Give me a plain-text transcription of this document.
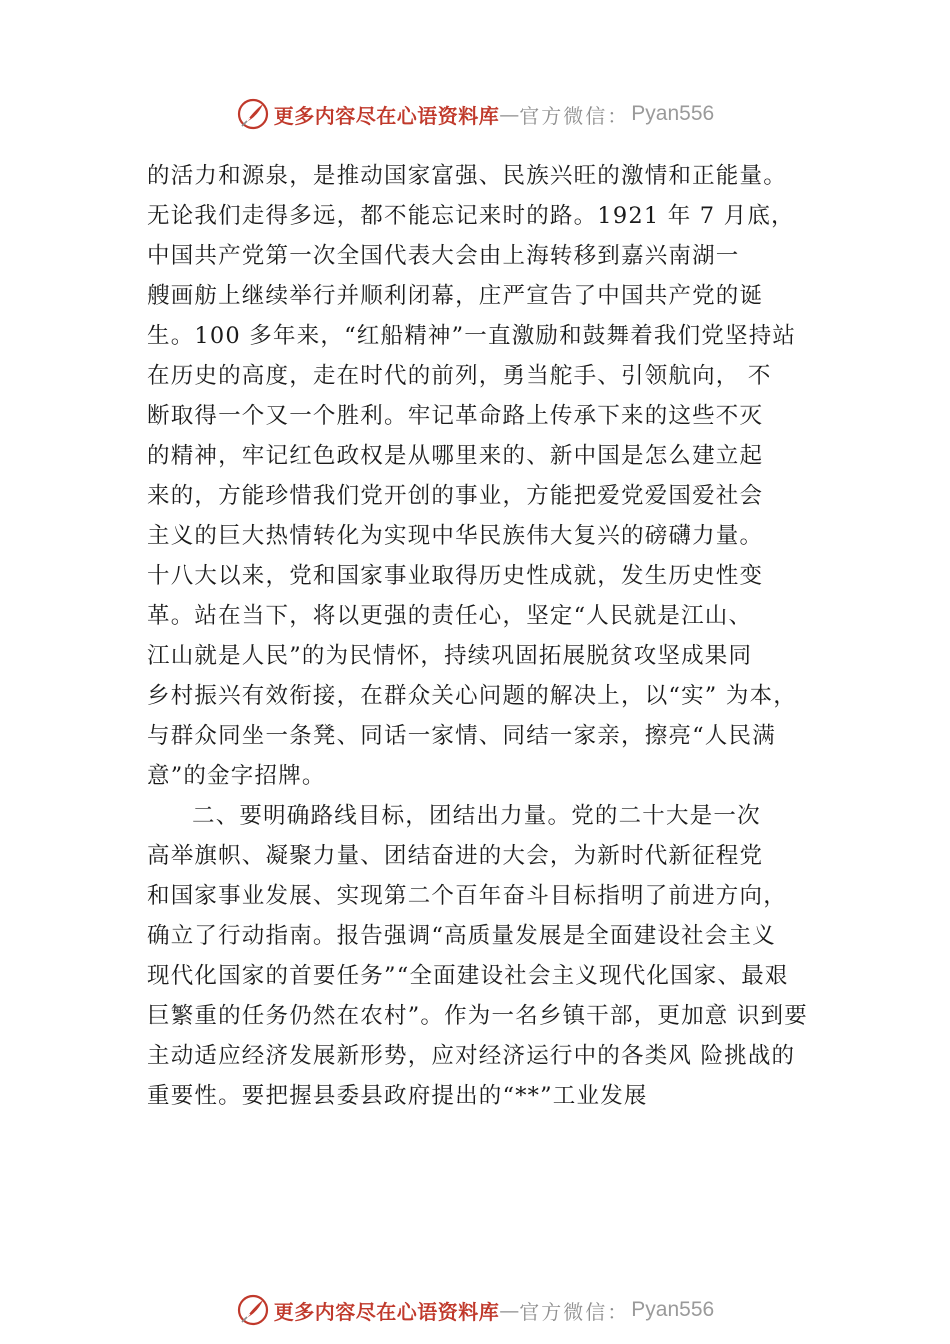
更多内容尽在心语资料库 — 官方微信： Pyan556
的活力和源泉，是推动国家富强、民族兴旺的激情和正能量。
无论我们走得多远，都不能忘记来时的路。1921 年 7 月底，
中国共产党第一次全国代表大会由上海转移到嘉兴南湖一
艘画舫上继续举行并顺利闭幕，庄严宣告了中国共产党的诞
生。100 多年来，“红船精神”一直激励和鼓舞着我们党坚持站
在历史的高度，走在时代的前列，勇当舵手、引领航向， 不
断取得一个又一个胜利。牢记革命路上传承下来的这些不灭
的精神，牢记红色政权是从哪里来的、新中国是怎么建立起
来的，方能珍惜我们党开创的事业，方能把爱党爱国爱社会
主义的巨大热情转化为实现中华民族伟大复兴的磅礴力量。
十八大以来，党和国家事业取得历史性成就，发生历史性变
革。站在当下，将以更强的责任心，坚定“人民就是江山、
江山就是人民”的为民情怀，持续巩固拓展脱贫攻坚成果同
乡村振兴有效衔接，在群众关心问题的解决上，以“实” 为本，
与群众同坐一条凳、同话一家情、同结一家亲，擦亮“人民满
意”的金字招牌。
二、要明确路线目标，团结出力量。党的二十大是一次
高举旗帜、凝聚力量、团结奋进的大会，为新时代新征程党
和国家事业发展、实现第二个百年奋斗目标指明了前进方向，
确立了行动指南。报告强调“高质量发展是全面建设社会主义
现代化国家的首要任务”“全面建设社会主义现代化国家、最艰
巨繁重的任务仍然在农村”。作为一名乡镇干部，更加意 识到要
主动适应经济发展新形势，应对经济运行中的各类风 险挑战的
重要性。要把握县委县政府提出的“**”工业发展
更多内容尽在心语资料库 — 官方微信： Pyan556
